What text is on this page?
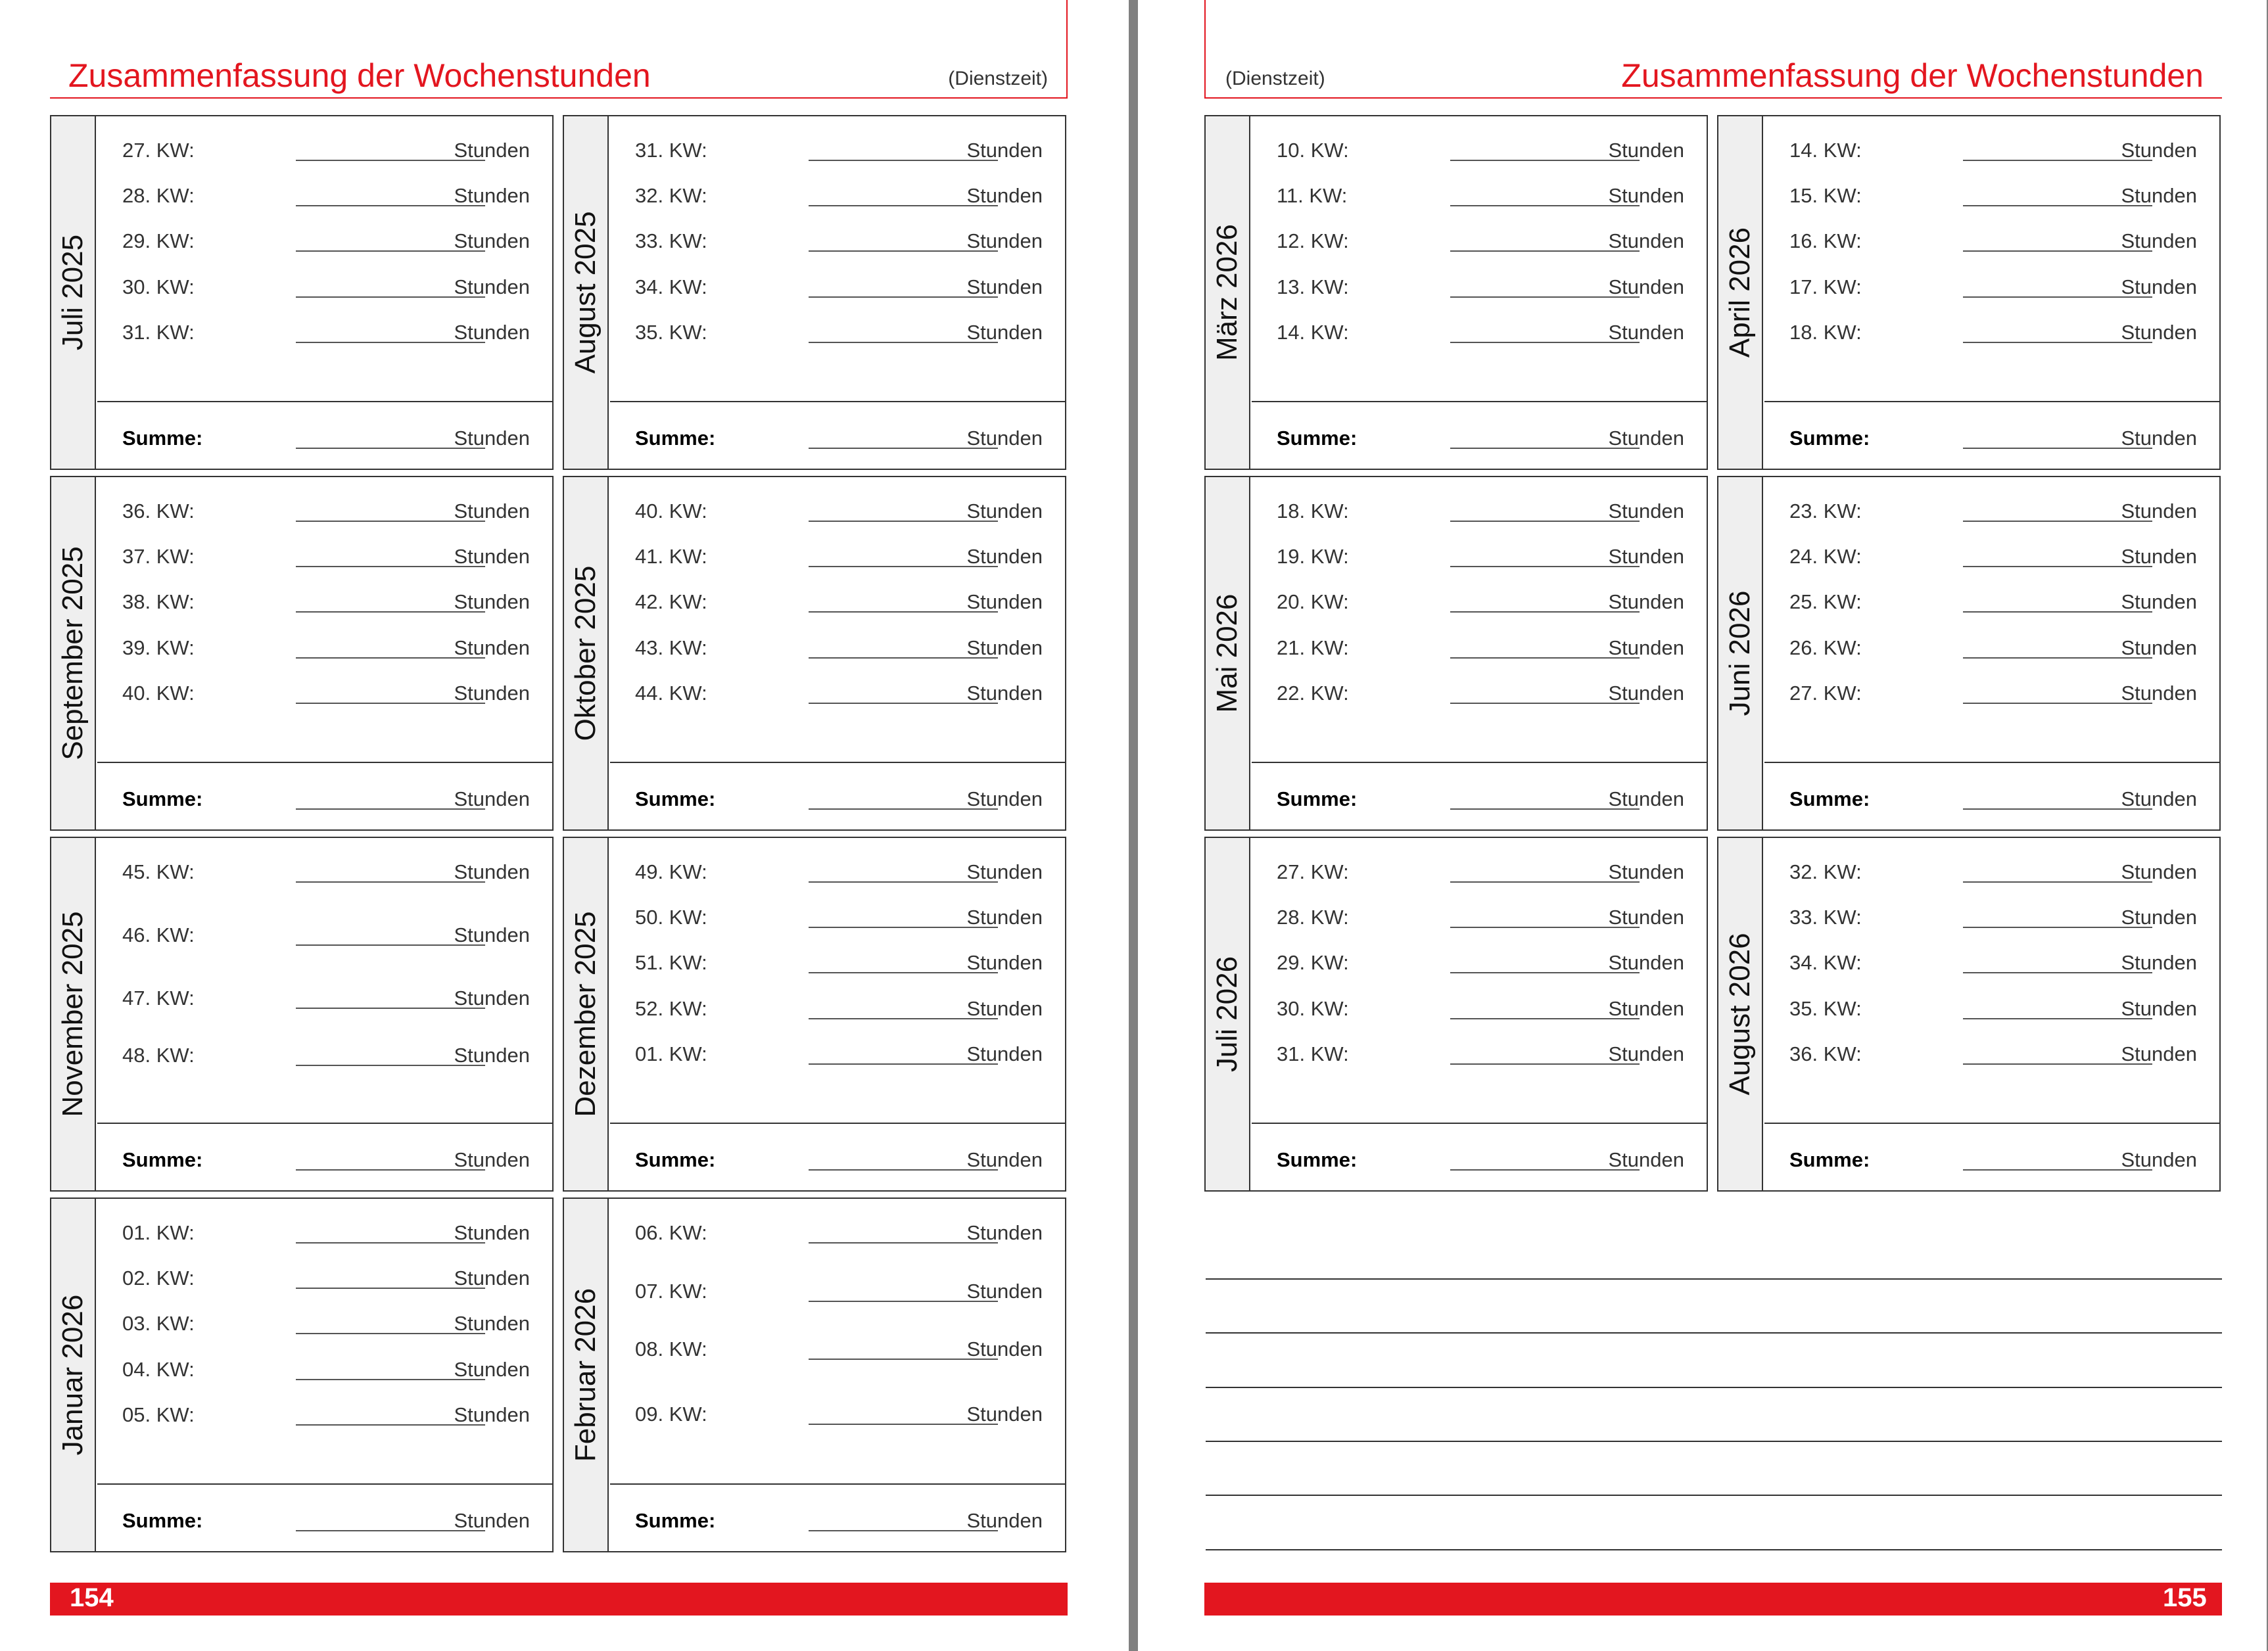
Zusammenfassung der Wochenstunden	(Dienstzeit)	(Dienstzeit)	Zusammenfassung der Wochenstunden
Juli 2025
27. KW:	Stunden
28. KW:	Stunden
29. KW:	Stunden
30. KW:	Stunden
31. KW:	Stunden
Summe:	Stunden
August 2025
31. KW:	Stunden
32. KW:	Stunden
33. KW:	Stunden
34. KW:	Stunden
35. KW:	Stunden
Summe:	Stunden
September 2025
36. KW:	Stunden
37. KW:	Stunden
38. KW:	Stunden
39. KW:	Stunden
40. KW:	Stunden
Summe:	Stunden
Oktober 2025
40. KW:	Stunden
41. KW:	Stunden
42. KW:	Stunden
43. KW:	Stunden
44. KW:	Stunden
Summe:	Stunden
November 2025
45. KW:	Stunden
46. KW:	Stunden
47. KW:	Stunden
48. KW:	Stunden
Summe:	Stunden
Dezember 2025
49. KW:	Stunden
50. KW:	Stunden
51. KW:	Stunden
52. KW:	Stunden
01. KW:	Stunden
Summe:	Stunden
Januar 2026
01. KW:	Stunden
02. KW:	Stunden
03. KW:	Stunden
04. KW:	Stunden
05. KW:	Stunden
Summe:	Stunden
Februar 2026
06. KW:	Stunden
07. KW:	Stunden
08. KW:	Stunden
09. KW:	Stunden
Summe:	Stunden
März 2026
10. KW:	Stunden
11. KW:	Stunden
12. KW:	Stunden
13. KW:	Stunden
14. KW:	Stunden
Summe:	Stunden
April 2026
14. KW:	Stunden
15. KW:	Stunden
16. KW:	Stunden
17. KW:	Stunden
18. KW:	Stunden
Summe:	Stunden
Mai 2026
18. KW:	Stunden
19. KW:	Stunden
20. KW:	Stunden
21. KW:	Stunden
22. KW:	Stunden
Summe:	Stunden
Juni 2026
23. KW:	Stunden
24. KW:	Stunden
25. KW:	Stunden
26. KW:	Stunden
27. KW:	Stunden
Summe:	Stunden
Juli 2026
27. KW:	Stunden
28. KW:	Stunden
29. KW:	Stunden
30. KW:	Stunden
31. KW:	Stunden
Summe:	Stunden
August 2026
32. KW:	Stunden
33. KW:	Stunden
34. KW:	Stunden
35. KW:	Stunden
36. KW:	Stunden
Summe:	Stunden
154	155
